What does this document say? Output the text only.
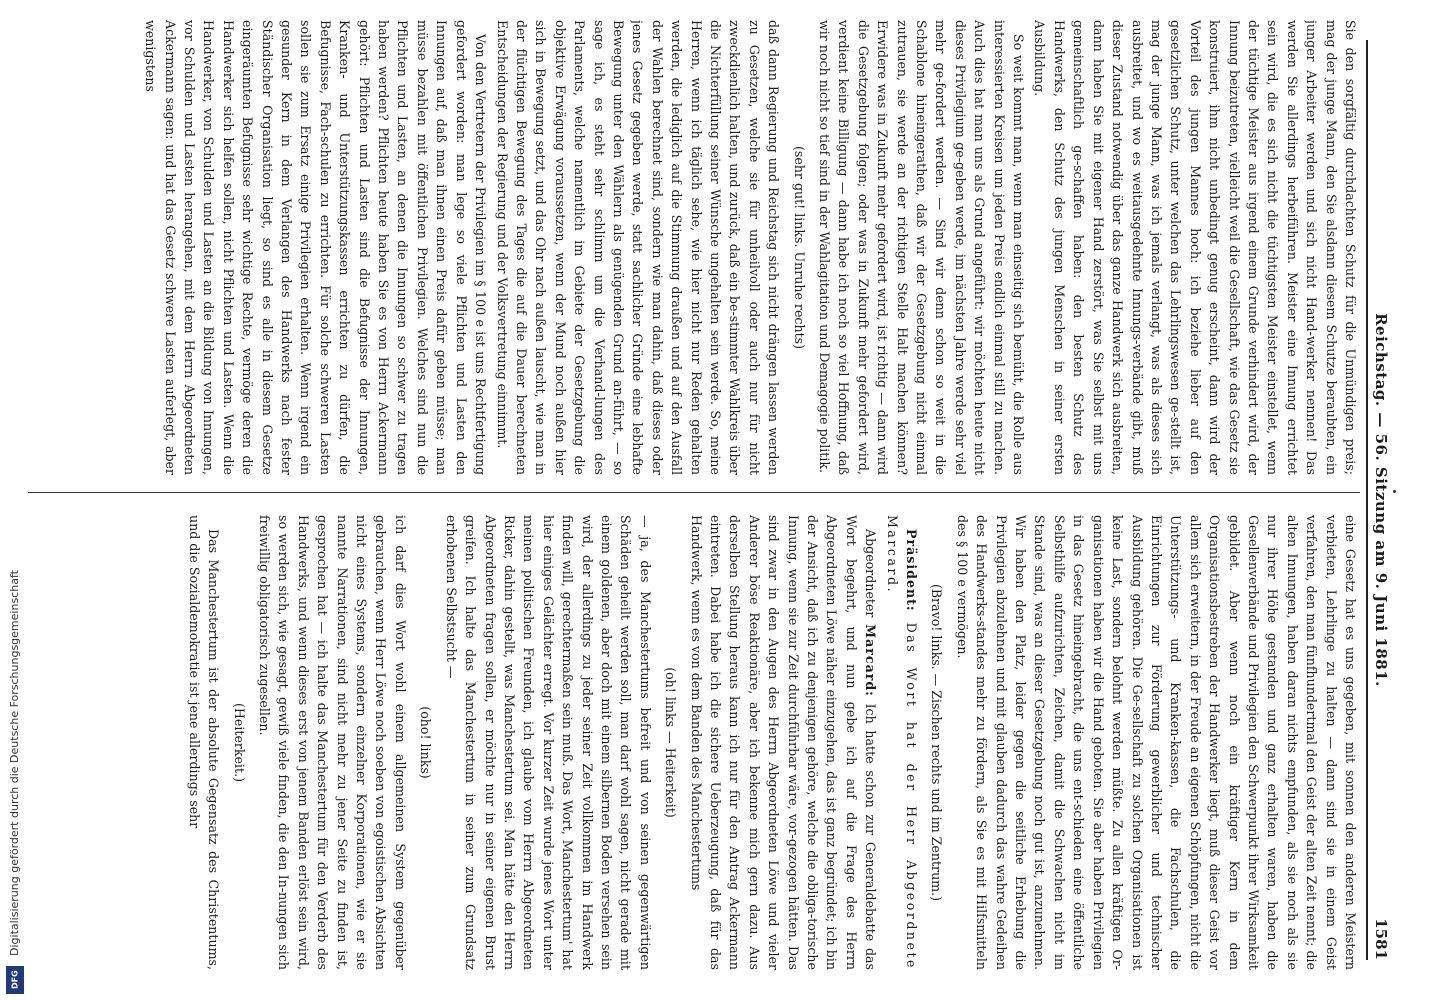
Reichstag. — 56. Sitzung am 9. Juni 1881.
1581

Sie den sorgfältig durchdachten Schutz für die Unmündigen preis; mag der junge Mann, den Sie alsdann diesem Schutze beraubten, ein junger Arbeiter werden und sich nicht Hand-werker nennen! Das werden Sie allerdings herbeiführen. Meister eine Innung errichtet sein wird, die es sich nicht die tüchtigsten Meister einstellet, wenn der tüchtige Meister aus irgend einem Grunde verhindert wird, der Innung beizutreten, vielleicht weil die Gesellschaft, wie das Gesetz sie konstruiert, ihm nicht unbedingt genug erscheint, dann wird der Vorteil des jungen Mannes hoch: ich beziehe lieber auf den gesetzlichen Schutz, unter welchen das Lehrlingswesen ge-stellt ist, mag der junge Mann, was ich jemals verlangt, was als dieses sich ausbreitet, und wo es weitausgedehnte Innungs-verbände gibt, muß dieser Zustand notwendig über das ganze Handwerk sich ausbreiten, dann haben Sie mit eigener Hand zerstört, was Sie selbst mit uns gemeinschaftlich ge-schaffen haben: den besten Schutz des Handwerks, den Schutz des jungen Menschen in seiner ersten Ausbildung.

So weit kommt man, wenn man einseitig sich bemüht, die Rolle aus interessierten Kreisen um jeden Preis endlich einmal still zu machen. Auch dies hat man uns als Grund angeführt: wir möchten heute nicht dieses Privilegium ge-geben werde, im nächsten Jahre werde sehr viel mehr ge-fordert werden. — Sind wir denn schon so weit in die Schablone hineingerathen, daß wir der Gesetzgebung nicht einmal zutrauen, sie werde an der richtigen Stelle Halt machen können? Erwidere was in Zukunft mehr gefordert wird, ist richtig — dann wird die Gesetzgebung folgen; oder was in Zukunft mehr gefordert wird, verdient keine Billigung — dann habe ich noch so viel Hoffnung, daß wir noch nicht so tief sind in der Wahlagitation und Demagogie politik.

(sehr gut! links. Unruhe rechts)

daß dann Regierung und Reichstag sich nicht drängen lassen werden zu Gesetzen, welche sie für unheilvoll oder auch nur für nicht zweckdienlich halten, und zurück, daß ein be-stimmter Wahlkreis über die Nichterfüllung seiner Wünsche ungehalten sein werde. So, meine Herren, wenn ich täglich sehe, wie hier nicht nur Reden gehalten werden, die lediglich auf die Stimmung draußen und auf den Ausfall der Wahlen berechnet sind, sondern wie man dahin, daß dieses oder jenes Gesetz gegeben werde, statt sachlicher Gründe eine lebhafte Bewegung unter den Wählern als genügenden Grund an-führt, — so sage ich, es steht sehr schlimm um die Verhand-lungen des Parlaments, welche namentlich im Gebiete der Gesetzgebung die objektive Erwägung voraussetzen, wenn der Mund noch außen hier sich in Bewegung setzt, und das Ohr nach außen lauscht, wie man in der flüchtigen Bewegung des Tages die auf die Dauer berechneten Entscheidungen der Regierung und der Volksvertretung einnimmt.

Von den Vertretern der Privilegien im § 100 e ist uns Rechtfertigung gefordert worden: man lege so viele Pflichten und Lasten den Innungen auf, daß man ihnen einen Preis dafür geben müsse; man müsse bezahlen mit öffentlichen Privilegien. Welches sind nun die Pflichten und Lasten, an denen die Innungen so schwer zu tragen haben werden? Pflichten heute haben Sie es von Herrn Ackermann gehört: Pflichten und Lasten sind die Befugnisse der Innungen, Kranken- und Unterstützungskassen errichten zu dürfen, die Befugnisse, Fach-schulen zu errichten. Für solche schweren Lasten sollen sie zum Ersatz einige Privilegien erhalten. Wenn irgend ein gesunder Kern in dem Verlangen des Handwerks nach fester Ständischer Organisation liegt, so sind es alle in diesem Gesetze eingeräumten Befugnisse sehr wichtige Rechte, vermöge deren die Handwerker sich helfen sollen, nicht Pflichten und Lasten. Wenn die Handwerker, von Schulden und Lasten an die Bildung von Innungen, vor Schulden und Lasten herangehen, mit dem Herrn Abgeordneten Ackermann sagen: und hat das Gesetz schwere Lasten auferlegt, aber wenigstens

eine Gesetz hat es uns gegeben, mit sonnen den anderen Meistern verbieten, Lehrlinge zu halten — dann sind sie in einem Geist verfahren, den man fünfhundertmal den Geist der alten Zeit nennt; die alten Innungen, haben daran nichts empfunden, als sie noch als sie nur ihrer Höhe gestanden und ganz erhalten waren, haben die Gesellenverbände und Privilegien den Schwerpunkt ihrer Wirksamkeit gebildet. Aber wenn noch ein kräftiger Kern in dem Organisationsbestreben der Handwerker liegt, muß dieser Geist vor allem sich erweitern, in der Freude an eigenen Schöpfungen, nicht die Unterstützungs- und Kranken-kassen, die Fachschulen, die Einrichtungen zur Förderung gewerblicher und technischer Ausbildung gehören. Die Ge-sellschaft zu solchen Organisationen ist keine Last, sondern belohnt werden müßte. Zu allen kräftigen Or-ganisationen haben wir die Hand geboten. Sie aber haben Privilegien in das Gesetz hineingebracht, die uns ent-schieden eine öffentliche Selbsthilfe aufzurichten, Zeichen, damit die Schwachen nicht im Stande sind, was an dieser Gesetzgebung noch gut ist, anzunehmen. Wir haben den Platz, leider gegen die seitliche Erhebung die Privilegien abzulehnen und mit glauben dadurch das wahre Gedeihen des Handwerks-standes mehr zu fördern, als Sie es mit Hilfsmitteln des § 100 e vermögen.

(Bravo! links. — Zischen rechts und im Zentrum.)

Präsident: Das Wort hat der Herr Abgeordnete Marcard.

Abgeordneter Marcard: Ich hatte schon zur Generaldebatte das Wort begehrt, und nun gebe ich auf die Frage des Herrn Abgeordneten Löwe näher einzugehen, das ist ganz begründet; ich bin der Ansicht, daß ich zu denjenigen gehöre, welche die obliga-torische Innung, wenn sie zur Zeit durchführbar wäre, vor-gezogen hätten. Das sind zwar in den Augen des Herrn Abgeordneten Löwe und vieler Anderer böse Reaktionäre, aber ich bekenne mich gern dazu. Aus derselben Stellung heraus kann ich nur für den Antrag Ackermann eintreten. Dabei habe ich die sichere Ueberzeugung, daß für das Handwerk, wenn es von dem Banden des Manchestertums

(oh! links — Heiterkeit)

— ja, des Manchestertums befreit und von seinen gegenwärtigen Schäden geheilt werden soll, man darf wohl sagen, nicht gerade mit einem goldenen, aber doch mit einem silbernen Boden versehen sein wird, der allerdings zu jeder seiner Zeit vollkommen im Handwerk finden will, gerechtermaßen sein muß. Das Wort, Manchestertum' hat hier einiges Gelächter erregt. Vor kurzer Zeit wurde jenes Wort unter meinen politischen Freunden, ich glaube vom Herrn Abgeordneten Ricker, dahin gestellt, was Manchestertum sei. Man hätte den Herrn Abgeordneten fragen sollen, er möchte nur in seiner eigenen Brust greifen. Ich halte das Manchestertum in seiner zum Grundsatz erhobenen Selbstsucht —

(oho! links)

ich darf dies Wort wohl einem allgemeinen System gegenüber gebrauchen, wenn Herr Löwe noch soeben von egoistischen Absichten nicht eines Systems, sondern einzelner Korporationen, wie er sie nannte Narrationen, sind nicht mehr zu jener Seite zu finden ist, gesprochen hat — ich halte das Manchestertum für den Verderb des Handwerks, und wenn dieses erst von jenem Banden erlöst sein wird, so werden sich, wie gesagt, gewiß viele finden, die den In-nungen sich freiwillig obligatorisch zugesellen.

(Heiterkeit.)

Das Manchestertum ist der absolute Gegensatz des Christentums, und die Sozialdemokratie ist jene allerdings sehr

Digitalisierung gefördert durch die Deutsche Forschungsgemeinschaft
DFG
